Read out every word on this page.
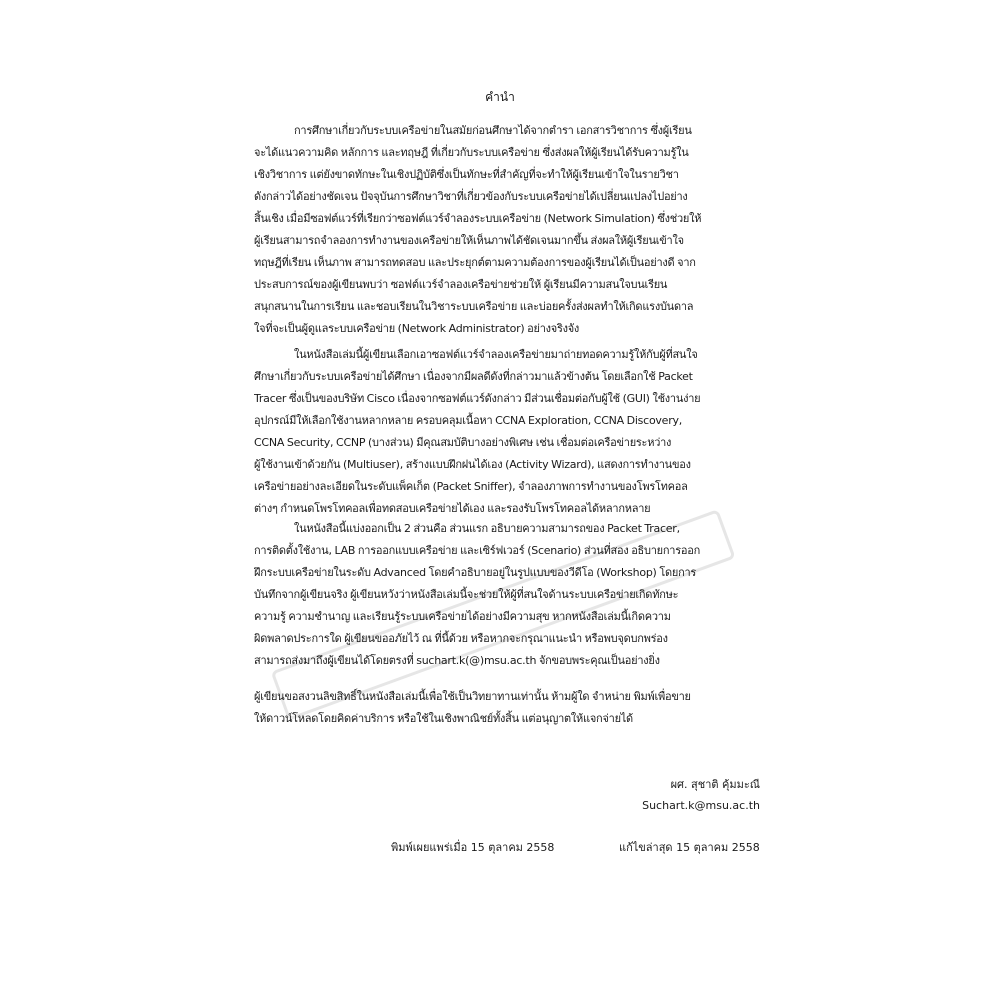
คำนำ
การศึกษาเกี่ยวกับระบบเครือข่ายในสมัยก่อนศึกษาได้จากตำรา เอกสารวิชาการ ซึ่งผู้เรียน
จะได้แนวความคิด หลักการ และทฤษฎี ที่เกี่ยวกับระบบเครือข่าย ซึ่งส่งผลให้ผู้เรียนได้รับความรู้ใน
เชิงวิชาการ แต่ยังขาดทักษะในเชิงปฏิบัติซึ่งเป็นทักษะที่สำคัญที่จะทำให้ผู้เรียนเข้าใจในรายวิชา
ดังกล่าวได้อย่างชัดเจน ปัจจุบันการศึกษาวิชาที่เกี่ยวข้องกับระบบเครือข่ายได้เปลี่ยนแปลงไปอย่าง
สิ้นเชิง เมื่อมีซอฟต์แวร์ที่เรียกว่าซอฟต์แวร์จำลองระบบเครือข่าย (Network Simulation) ซึ่งช่วยให้
ผู้เรียนสามารถจำลองการทำงานของเครือข่ายให้เห็นภาพได้ชัดเจนมากขึ้น ส่งผลให้ผู้เรียนเข้าใจ
ทฤษฎีที่เรียน เห็นภาพ สามารถทดสอบ และประยุกต์ตามความต้องการของผู้เรียนได้เป็นอย่างดี จาก
ประสบการณ์ของผู้เขียนพบว่า ซอฟต์แวร์จำลองเครือข่ายช่วยให้ ผู้เรียนมีความสนใจบนเรียน
สนุกสนานในการเรียน และชอบเรียนในวิชาระบบเครือข่าย และบ่อยครั้งส่งผลทำให้เกิดแรงบันดาล
ใจที่จะเป็นผู้ดูแลระบบเครือข่าย (Network Administrator) อย่างจริงจัง
ในหนังสือเล่มนี้ผู้เขียนเลือกเอาซอฟต์แวร์จำลองเครือข่ายมาถ่ายทอดความรู้ให้กับผู้ที่สนใจ
ศึกษาเกี่ยวกับระบบเครือข่ายได้ศึกษา เนื่องจากมีผลดีดังที่กล่าวมาแล้วข้างต้น โดยเลือกใช้ Packet
Tracer ซึ่งเป็นของบริษัท Cisco เนื่องจากซอฟต์แวร์ดังกล่าว มีส่วนเชื่อมต่อกับผู้ใช้ (GUI) ใช้งานง่าย
อุปกรณ์มีให้เลือกใช้งานหลากหลาย ครอบคลุมเนื้อหา CCNA Exploration, CCNA Discovery,
CCNA Security, CCNP (บางส่วน) มีคุณสมบัติบางอย่างพิเศษ เช่น เชื่อมต่อเครือข่ายระหว่าง
ผู้ใช้งานเข้าด้วยกัน (Multiuser), สร้างแบบฝึกฝนได้เอง (Activity Wizard), แสดงการทำงานของ
เครือข่ายอย่างละเอียดในระดับแพ็คเก็ต (Packet Sniffer), จำลองภาพการทำงานของโพรโทคอล
ต่างๆ กำหนดโพรโทคอลเพื่อทดสอบเครือข่ายได้เอง และรองรับโพรโทคอลได้หลากหลาย
ในหนังสือนี้แบ่งออกเป็น 2 ส่วนคือ ส่วนแรก อธิบายความสามารถของ Packet Tracer,
การติดตั้งใช้งาน, LAB การออกแบบเครือข่าย และเซิร์ฟเวอร์ (Scenario) ส่วนที่สอง อธิบายการออก
ฝึกระบบเครือข่ายในระดับ Advanced โดยคำอธิบายอยู่ในรูปแบบของวีดีโอ (Workshop) โดยการ
บันทึกจากผู้เขียนจริง ผู้เขียนหวังว่าหนังสือเล่มนี้จะช่วยให้ผู้ที่สนใจด้านระบบเครือข่ายเกิดทักษะ
ความรู้ ความชำนาญ และเรียนรู้ระบบเครือข่ายได้อย่างมีความสุข หากหนังสือเล่มนี้เกิดความ
ผิดพลาดประการใด ผู้เขียนขออภัยไว้ ณ ที่นี้ด้วย หรือหากจะกรุณาแนะนำ หรือพบจุดบกพร่อง
สามารถส่งมาถึงผู้เขียนได้โดยตรงที่ suchart.k(@)msu.ac.th จักขอบพระคุณเป็นอย่างยิ่ง
ผู้เขียนขอสงวนลิขสิทธิ์ในหนังสือเล่มนี้เพื่อใช้เป็นวิทยาทานเท่านั้น ห้ามผู้ใด จำหน่าย พิมพ์เพื่อขาย
ให้ดาวน์โหลดโดยคิดค่าบริการ หรือใช้ในเชิงพาณิชย์ทั้งสิ้น แต่อนุญาตให้แจกจ่ายได้
ผศ. สุชาติ คุ้มมะณี
Suchart.k@msu.ac.th
พิมพ์เผยแพร่เมื่อ 15 ตุลาคม 2558	แก้ไขล่าสุด 15 ตุลาคม 2558
